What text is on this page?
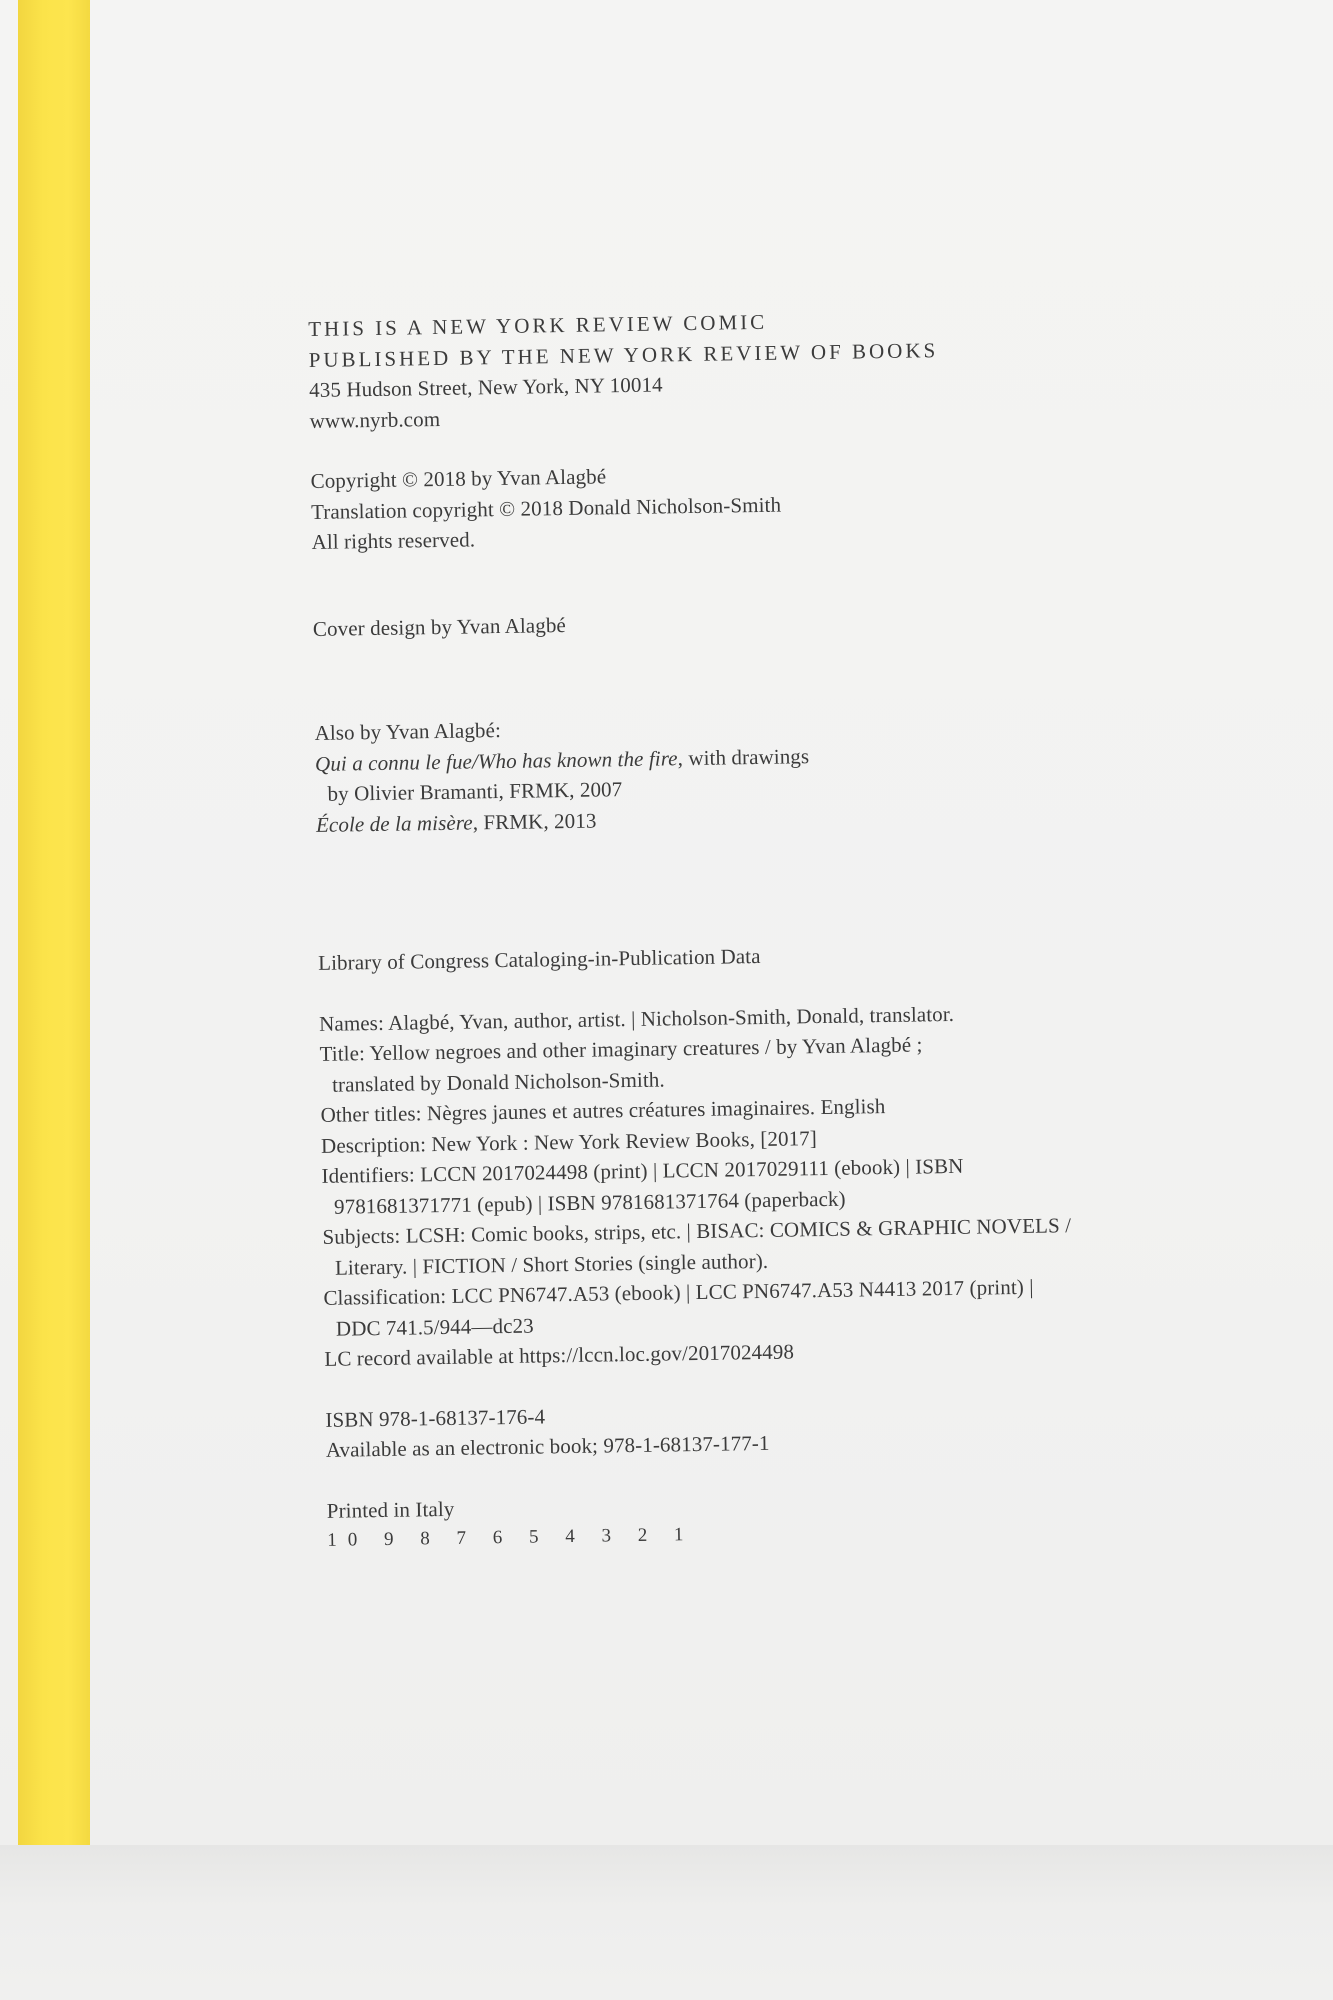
THIS IS A NEW YORK REVIEW COMIC
PUBLISHED BY THE NEW YORK REVIEW OF BOOKS
435 Hudson Street, New York, NY 10014
www.nyrb.com
Copyright © 2018 by Yvan Alagbé
Translation copyright © 2018 Donald Nicholson-Smith
All rights reserved.
Cover design by Yvan Alagbé
Also by Yvan Alagbé:
Qui a connu le fue/Who has known the fire, with drawings
by Olivier Bramanti, FRMK, 2007
École de la misère, FRMK, 2013
Library of Congress Cataloging-in-Publication Data
Names: Alagbé, Yvan, author, artist. | Nicholson-Smith, Donald, translator.
Title: Yellow negroes and other imaginary creatures / by Yvan Alagbé ;
translated by Donald Nicholson-Smith.
Other titles: Nègres jaunes et autres créatures imaginaires. English
Description: New York : New York Review Books, [2017]
Identifiers: LCCN 2017024498 (print) | LCCN 2017029111 (ebook) | ISBN
9781681371771 (epub) | ISBN 9781681371764 (paperback)
Subjects: LCSH: Comic books, strips, etc. | BISAC: COMICS & GRAPHIC NOVELS /
Literary. | FICTION / Short Stories (single author).
Classification: LCC PN6747.A53 (ebook) | LCC PN6747.A53 N4413 2017 (print) |
DDC 741.5/944—dc23
LC record available at https://lccn.loc.gov/2017024498
ISBN 978-1-68137-176-4
Available as an electronic book; 978-1-68137-177-1
Printed in Italy
10 9 8 7 6 5 4 3 2 1
